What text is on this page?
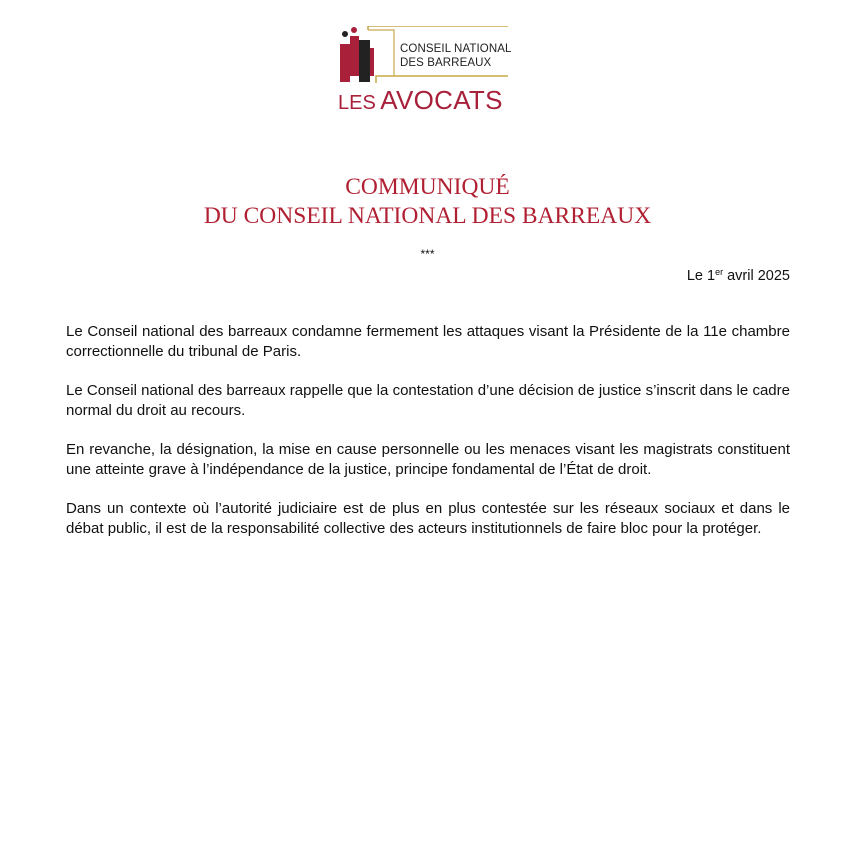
CONSEIL NATIONAL
DES BARREAUX
LES AVOCATS
COMMUNIQUÉ
DU CONSEIL NATIONAL DES BARREAUX
***
Le 1er avril 2025

Le Conseil national des barreaux condamne fermement les attaques visant la Présidente de la 11e chambre correctionnelle du tribunal de Paris.

Le Conseil national des barreaux rappelle que la contestation d’une décision de justice s’inscrit dans le cadre normal du droit au recours.

En revanche, la désignation, la mise en cause personnelle ou les menaces visant les magistrats constituent une atteinte grave à l’indépendance de la justice, principe fondamental de l’État de droit.

Dans un contexte où l’autorité judiciaire est de plus en plus contestée sur les réseaux sociaux et dans le débat public, il est de la responsabilité collective des acteurs institutionnels de faire bloc pour la protéger.
